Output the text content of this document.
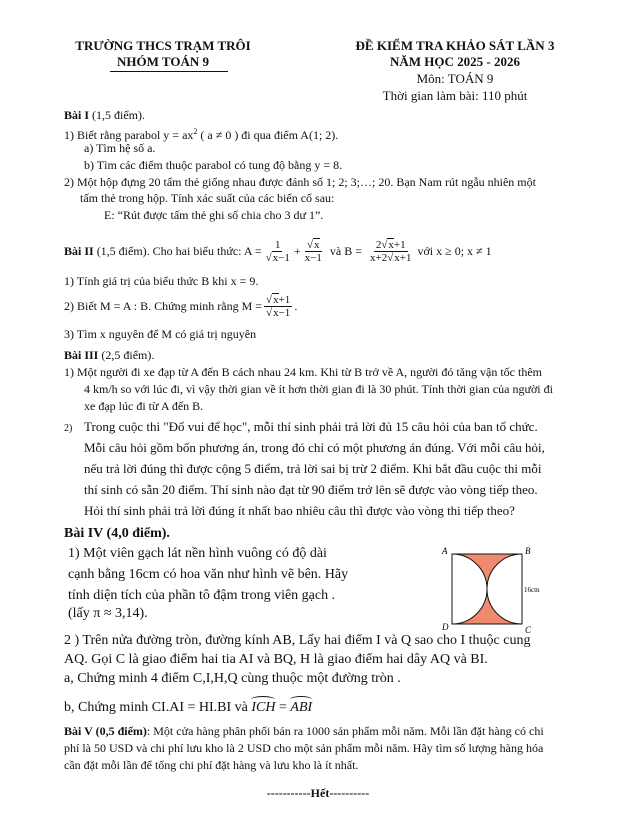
TRƯỜNG THCS TRẠM TRÔI
NHÓM TOÁN 9
ĐỀ KIỂM TRA KHẢO SÁT LẦN 3
NĂM HỌC 2025 - 2026
Môn: TOÁN 9
Thời gian làm bài: 110 phút
Bài I (1,5 điểm).
1) Biết rằng parabol $y = ax^2$ ( a ≠ 0 ) đi qua điểm A(1; 2).
a) Tìm hệ số a.
b) Tìm các điểm thuộc parabol có tung độ bằng y = 8.
2) Một hộp đựng 20 tấm thẻ giống nhau được đánh số 1; 2; 3;…; 20. Bạn Nam rút ngẫu nhiên một
tấm thẻ trong hộp. Tính xác suất của các biến cố sau:
E: “Rút được tấm thẻ ghi số chia cho 3 dư 1”.
Bài II
(1,5 điểm). Cho hai biểu thức: $A = \frac{1}{√x-1} + \frac{√x}{x-1}$ và $B = \frac{2√x+1}{x+2√x+1}$ với x ≥ 0; x ≠ 1
1) Tính giá trị của biểu thức B khi x = 9.
2) Biết M = A : B. Chứng minh rằng $M = \frac{√x+1}{√x-1}$ .
3) Tìm x nguyên để M có giá trị nguyên
Bài III (2,5 điểm).
1) Một người đi xe đạp từ A đến B cách nhau 24 km. Khi từ B trở về A, người đó tăng vận tốc thêm
4 km/h so với lúc đi, vì vậy thời gian về ít hơn thời gian đi là 30 phút. Tính thời gian của người đi
xe đạp lúc đi từ A đến B.
2) Trong cuộc thi "Đố vui để học", mỗi thí sinh phải trả lời đủ 15 câu hỏi của ban tổ chức.
Mỗi câu hỏi gồm bốn phương án, trong đó chỉ có một phương án đúng. Với mỗi câu hỏi,
nếu trả lời đúng thì được cộng 5 điểm, trả lời sai bị trừ 2 điểm. Khi bắt đầu cuộc thi mỗi
thí sinh có sẵn 20 điểm. Thí sinh nào đạt từ 90 điểm trở lên sẽ được vào vòng tiếp theo.
Hỏi thí sinh phải trả lời đúng ít nhất bao nhiêu câu thì được vào vòng thi tiếp theo?
Bài IV (4,0 điểm).
1) Một viên gạch lát nền hình vuông có độ dài
cạnh bằng 16cm có hoa văn như hình vẽ bên. Hãy
tính diện tích của phần tô đậm trong viên gạch .
(lấy π ≈ 3,14).
A	B
C
D
16cm
2 ) Trên nửa đường tròn, đường kính AB, Lấy hai điểm I và Q sao cho I thuộc cung
AQ. Gọi C là giao điểm hai tia AI và BQ, H là giao điểm hai dây AQ và BI.
a, Chứng minh 4 điểm C,I,H,Q cùng thuộc một đường tròn .
b, Chứng minh CI.AI = HI.BI và ICH = ABI
Bài V (0,5 điểm): Một cửa hàng phân phối bán ra 1000 sản phẩm mỗi năm. Mỗi lần đặt hàng có chi
phí là 50 USD và chi phí lưu kho là 2 USD cho một sản phẩm mỗi năm. Hãy tìm số lượng hàng hóa
cần đặt mỗi lần để tổng chi phí đặt hàng và lưu kho là ít nhất.
-----------Hết----------
